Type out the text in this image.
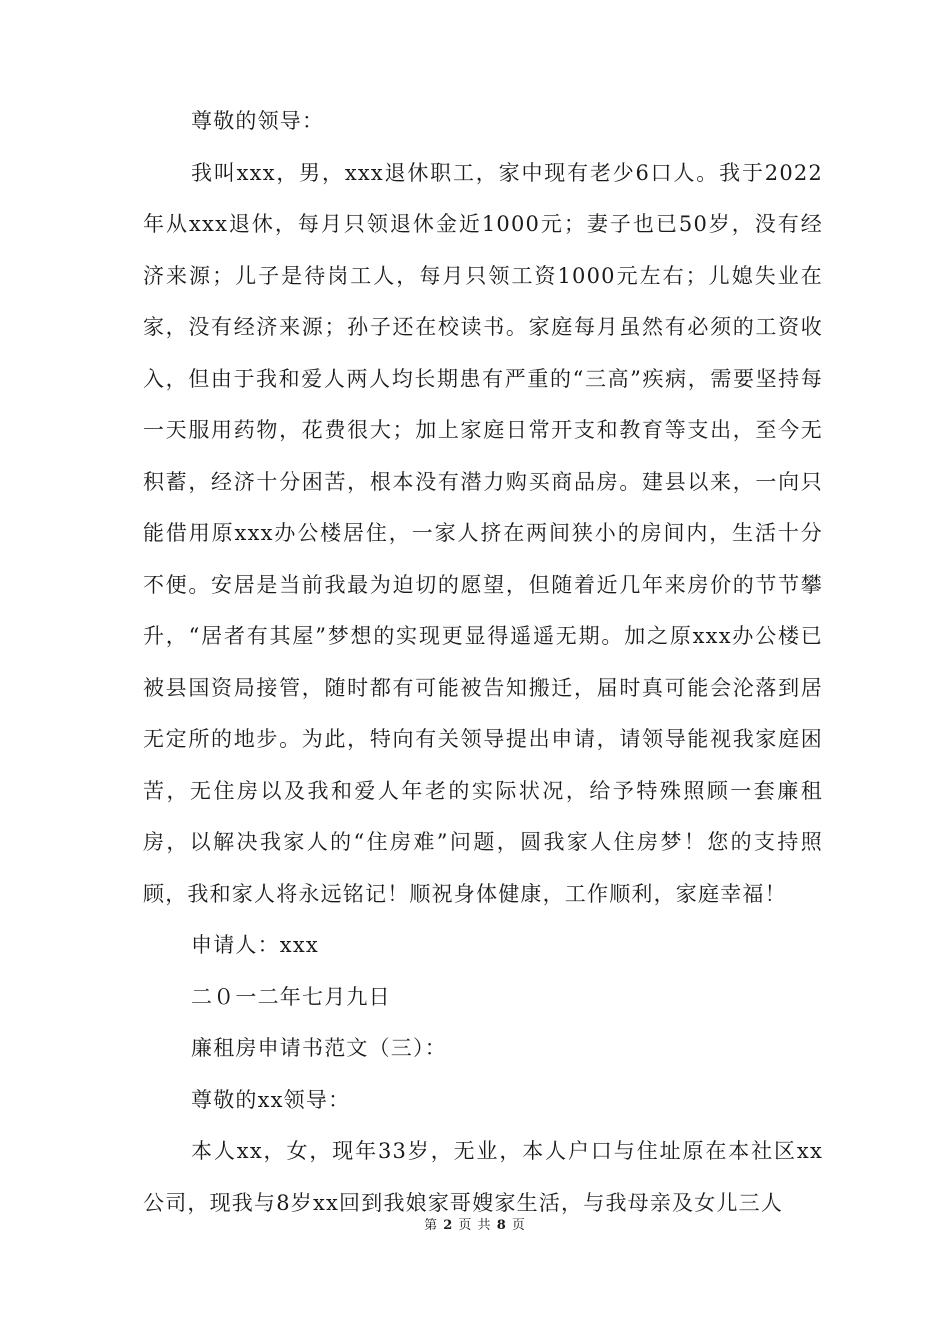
尊敬的领导：

我叫xxx，男，xxx退休职工，家中现有老少6口人。我于2022年从xxx退休，每月只领退休金近1000元；妻子也已50岁，没有经济来源；儿子是待岗工人，每月只领工资1000元左右；儿媳失业在家，没有经济来源；孙子还在校读书。家庭每月虽然有必须的工资收入，但由于我和爱人两人均长期患有严重的“三高”疾病，需要坚持每一天服用药物，花费很大；加上家庭日常开支和教育等支出，至今无积蓄，经济十分困苦，根本没有潜力购买商品房。建县以来，一向只能借用原xxx办公楼居住，一家人挤在两间狭小的房间内，生活十分不便。安居是当前我最为迫切的愿望，但随着近几年来房价的节节攀升，“居者有其屋”梦想的实现更显得遥遥无期。加之原xxx办公楼已被县国资局接管，随时都有可能被告知搬迁，届时真可能会沦落到居无定所的地步。为此，特向有关领导提出申请，请领导能视我家庭困苦，无住房以及我和爱人年老的实际状况，给予特殊照顾一套廉租房，以解决我家人的“住房难”问题，圆我家人住房梦！您的支持照顾，我和家人将永远铭记！顺祝身体健康，工作顺利，家庭幸福！

申请人：xxx

二０一二年七月九日

廉租房申请书范文（三）：

尊敬的xx领导：

本人xx，女，现年33岁，无业，本人户口与住址原在本社区xx公司，现我与8岁xx回到我娘家哥嫂家生活，与我母亲及女儿三人

第 2 页 共 8 页
